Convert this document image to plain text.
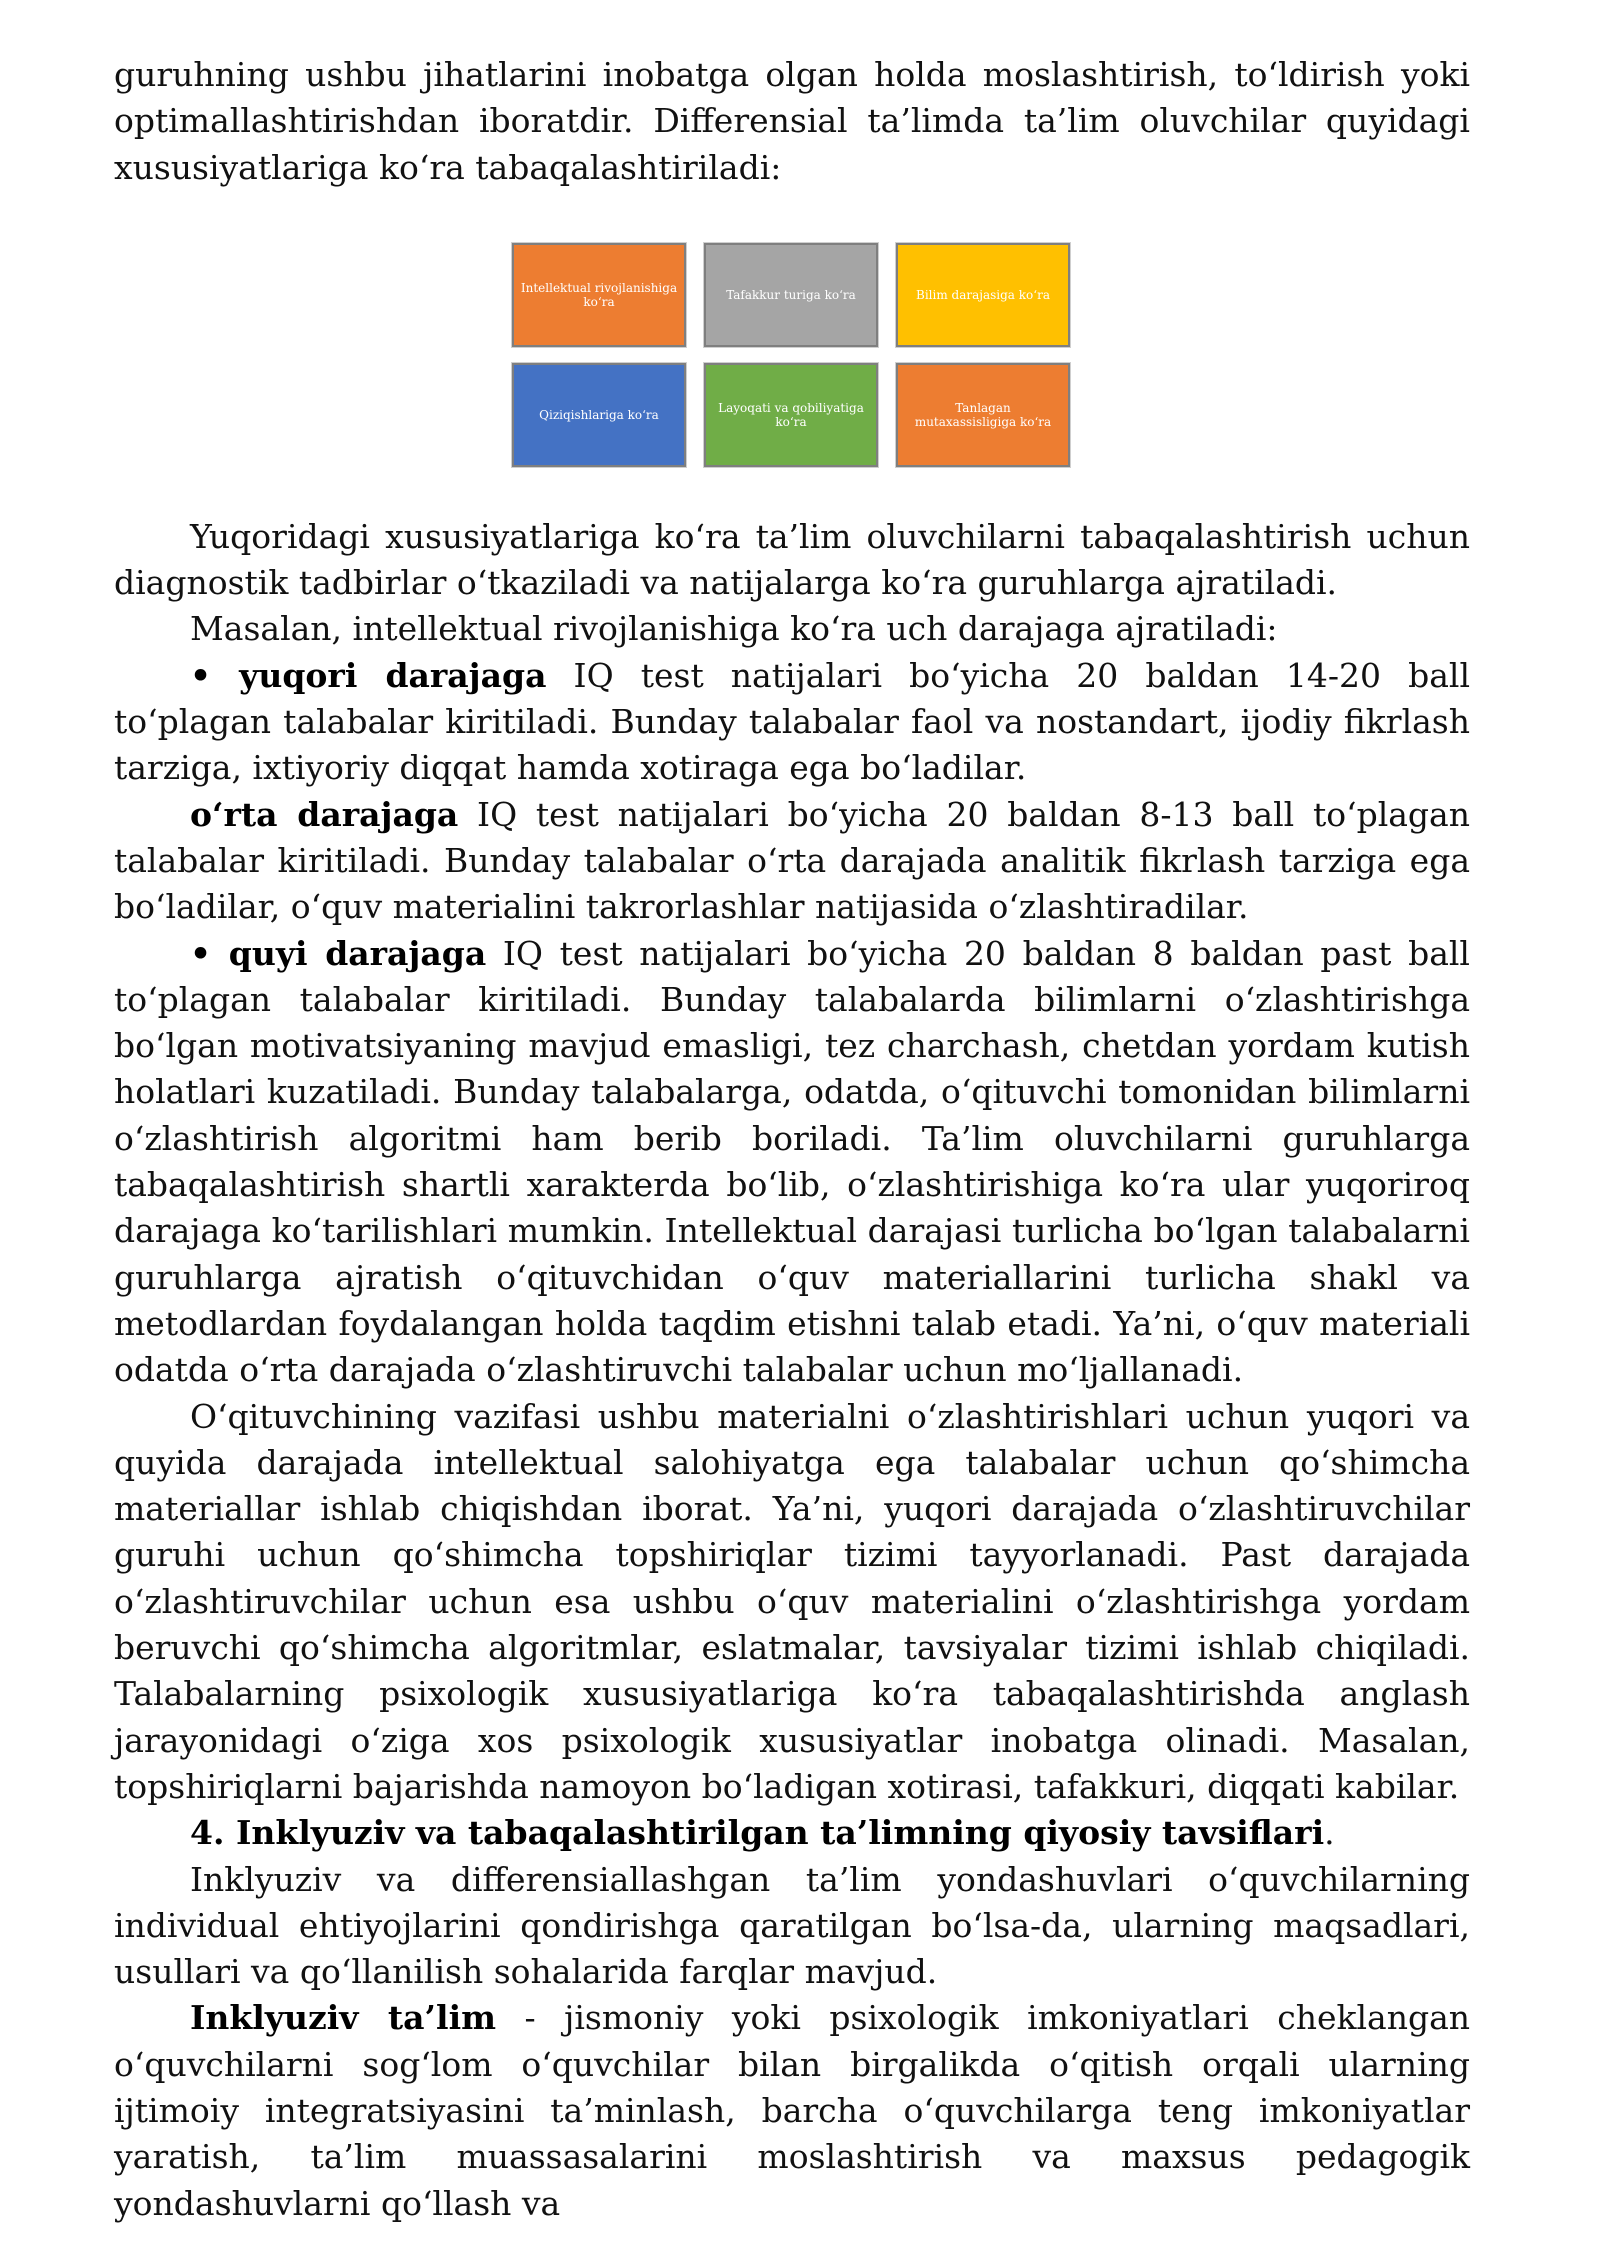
guruhning ushbu jihatlarini inobatga olgan holda moslashtirish, to‘ldirish yoki optimallashtirishdan iboratdir. Differensial ta’limda ta’lim oluvchilar quyidagi xususiyatlariga ko‘ra tabaqalashtiriladi:

Intellektual rivojlanishiga ko‘ra	Tafakkur turiga ko‘ra	Bilim darajasiga ko‘ra
Qiziqishlariga ko‘ra	Layoqati va qobiliyatiga ko‘ra
Tanlagan mutaxassisligiga ko‘ra

Yuqoridagi xususiyatlariga ko‘ra ta’lim oluvchilarni tabaqalashtirish uchun diagnostik tadbirlar o‘tkaziladi va natijalarga ko‘ra guruhlarga ajratiladi.

Masalan, intellektual rivojlanishiga ko‘ra uch darajaga ajratiladi:

• yuqori darajaga IQ test natijalari bo‘yicha 20 baldan 14-20 ball to‘plagan talabalar kiritiladi. Bunday talabalar faol va nostandart, ijodiy fikrlash tarziga, ixtiyoriy diqqat hamda xotiraga ega bo‘ladilar.

o‘rta darajaga IQ test natijalari bo‘yicha 20 baldan 8-13 ball to‘plagan talabalar kiritiladi. Bunday talabalar o‘rta darajada analitik fikrlash tarziga ega bo‘ladilar, o‘quv materialini takrorlashlar natijasida o‘zlashtiradilar.

• quyi darajaga IQ test natijalari bo‘yicha 20 baldan 8 baldan past ball to‘plagan talabalar kiritiladi. Bunday talabalarda bilimlarni o‘zlashtirishga bo‘lgan motivatsiyaning mavjud emasligi, tez charchash, chetdan yordam kutish holatlari kuzatiladi. Bunday talabalarga, odatda, o‘qituvchi tomonidan bilimlarni o‘zlashtirish algoritmi ham berib boriladi. Ta’lim oluvchilarni guruhlarga tabaqalashtirish shartli xarakterda bo‘lib, o‘zlashtirishiga ko‘ra ular yuqoriroq darajaga ko‘tarilishlari mumkin. Intellektual darajasi turlicha bo‘lgan talabalarni guruhlarga ajratish o‘qituvchidan o‘quv materiallarini turlicha shakl va metodlardan foydalangan holda taqdim etishni talab etadi. Ya’ni, o‘quv materiali odatda o‘rta darajada o‘zlashtiruvchi talabalar uchun mo‘ljallanadi.

O‘qituvchining vazifasi ushbu materialni o‘zlashtirishlari uchun yuqori va quyida darajada intellektual salohiyatga ega talabalar uchun qo‘shimcha materiallar ishlab chiqishdan iborat. Ya’ni, yuqori darajada o‘zlashtiruvchilar guruhi uchun qo‘shimcha topshiriqlar tizimi tayyorlanadi. Past darajada o‘zlashtiruvchilar uchun esa ushbu o‘quv materialini o‘zlashtirishga yordam beruvchi qo‘shimcha algoritmlar, eslatmalar, tavsiyalar tizimi ishlab chiqiladi. Talabalarning psixologik xususiyatlariga ko‘ra tabaqalashtirishda anglash jarayonidagi o‘ziga xos psixologik xususiyatlar inobatga olinadi. Masalan, topshiriqlarni bajarishda namoyon bo‘ladigan xotirasi, tafakkuri, diqqati kabilar.

4. Inklyuziv va tabaqalashtirilgan ta’limning qiyosiy tavsiflari.

Inklyuziv va differensiallashgan ta’lim yondashuvlari o‘quvchilarning individual ehtiyojlarini qondirishga qaratilgan bo‘lsa-da, ularning maqsadlari, usullari va qo‘llanilish sohalarida farqlar mavjud.

Inklyuziv ta’lim - jismoniy yoki psixologik imkoniyatlari cheklangan o‘quvchilarni sog‘lom o‘quvchilar bilan birgalikda o‘qitish orqali ularning ijtimoiy integratsiyasini ta’minlash, barcha o‘quvchilarga teng imkoniyatlar yaratish, ta’lim muassasalarini moslashtirish va maxsus pedagogik yondashuvlarni qo‘llash va
